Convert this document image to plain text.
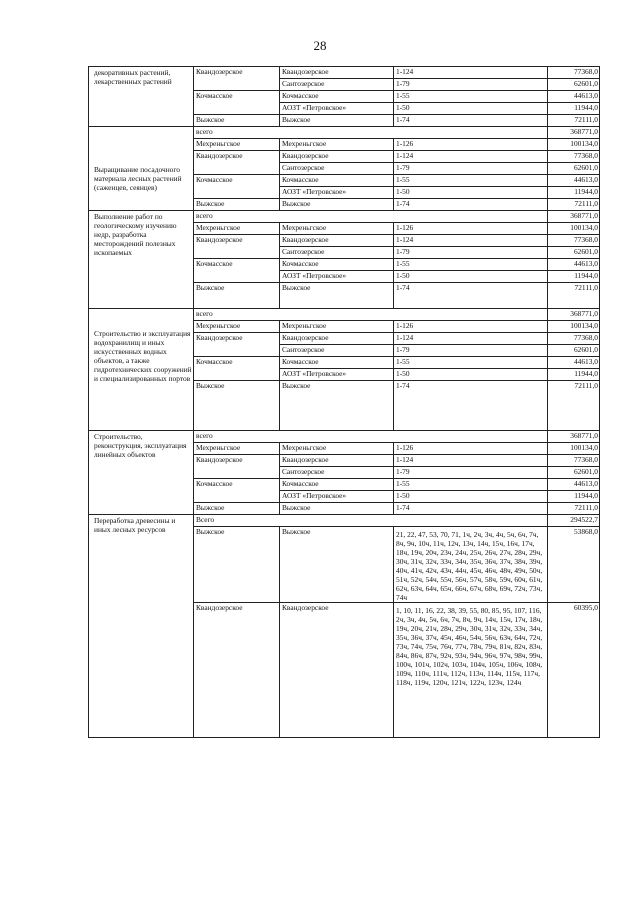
28
декоративных растений, лекарственных растений	Квандозерское	Квандозерское	1-124	77368,0
		Сантозерское	1-79	62601,0
	Кочмасское	Кочмасское	1-55	44613,0
		АОЗТ «Петровское»	1-50	11944,0
	Выжское	Выжское	1-74	72111,0

Выращивание посадочного материала лесных растений (саженцев, сеянцев)	всего			368771,0
	Мехреньгское	Мехреньгское	1-126	100134,0
	Квандозерское	Квандозерское	1-124	77368,0
		Сантозерское	1-79	62601,0
	Кочмасское	Кочмасское	1-55	44613,0
		АОЗТ «Петровское»	1-50	11944,0
	Выжское	Выжское	1-74	72111,0

Выполнение работ по геологическому изучению недр, разработка месторождений полезных ископаемых	всего			368771,0
	Мехреньгское	Мехреньгское	1-126	100134,0
	Квандозерское	Квандозерское	1-124	77368,0
		Сантозерское	1-79	62601,0
	Кочмасское	Кочмасское	1-55	44613,0
		АОЗТ «Петровское»	1-50	11944,0
	Выжское	Выжское	1-74	72111,0

Строительство и эксплуатация водохранилищ и иных искусственных водных объектов, а также гидротехнических сооружений и специализированных портов	всего			368771,0
	Мехреньгское	Мехреньгское	1-126	100134,0
	Квандозерское	Квандозерское	1-124	77368,0
		Сантозерское	1-79	62601,0
	Кочмасское	Кочмасское	1-55	44613,0
		АОЗТ «Петровское»	1-50	11944,0
	Выжское	Выжское	1-74	72111,0

Строительство, реконструкция, эксплуатация линейных объектов	всего			368771,0
	Мехреньгское	Мехреньгское	1-126	100134,0
	Квандозерское	Квандозерское	1-124	77368,0
		Сантозерское	1-79	62601,0
	Кочмасское	Кочмасское	1-55	44613,0
		АОЗТ «Петровское»	1-50	11944,0
	Выжское	Выжское	1-74	72111,0

Переработка древесины и иных лесных ресурсов	Всего			294522,7
	Выжское	Выжское	21, 22, 47, 53, 70, 71, 1ч, 2ч, 3ч, 4ч, 5ч, 6ч, 7ч, 8ч, 9ч, 10ч, 11ч, 12ч, 13ч, 14ч, 15ч, 16ч, 17ч, 18ч, 19ч, 20ч, 23ч, 24ч, 25ч, 26ч, 27ч, 28ч, 29ч, 30ч, 31ч, 32ч, 33ч, 34ч, 35ч, 36ч, 37ч, 38ч, 39ч, 40ч, 41ч, 42ч, 43ч, 44ч, 45ч, 46ч, 48ч, 49ч, 50ч, 51ч, 52ч, 54ч, 55ч, 56ч, 57ч, 58ч, 59ч, 60ч, 61ч, 62ч, 63ч, 64ч, 65ч, 66ч, 67ч, 68ч, 69ч, 72ч, 73ч, 74ч	53868,0
	Квандозерское	Квандозерское	1, 10, 11, 16, 22, 38, 39, 55, 80, 85, 95, 107, 116, 2ч, 3ч, 4ч, 5ч, 6ч, 7ч, 8ч, 9ч, 14ч, 15ч, 17ч, 18ч, 19ч, 20ч, 21ч, 28ч, 29ч, 30ч, 31ч, 32ч, 33ч, 34ч, 35ч, 36ч, 37ч, 45ч, 46ч, 54ч, 56ч, 63ч, 64ч, 72ч, 73ч, 74ч, 75ч, 76ч, 77ч, 78ч, 79ч, 81ч, 82ч, 83ч, 84ч, 86ч, 87ч, 92ч, 93ч, 94ч, 96ч, 97ч, 98ч, 99ч, 100ч, 101ч, 102ч, 103ч, 104ч, 105ч, 106ч, 108ч, 109ч, 110ч, 111ч, 112ч, 113ч, 114ч, 115ч, 117ч, 118ч, 119ч, 120ч, 121ч, 122ч, 123ч, 124ч	60395,0
